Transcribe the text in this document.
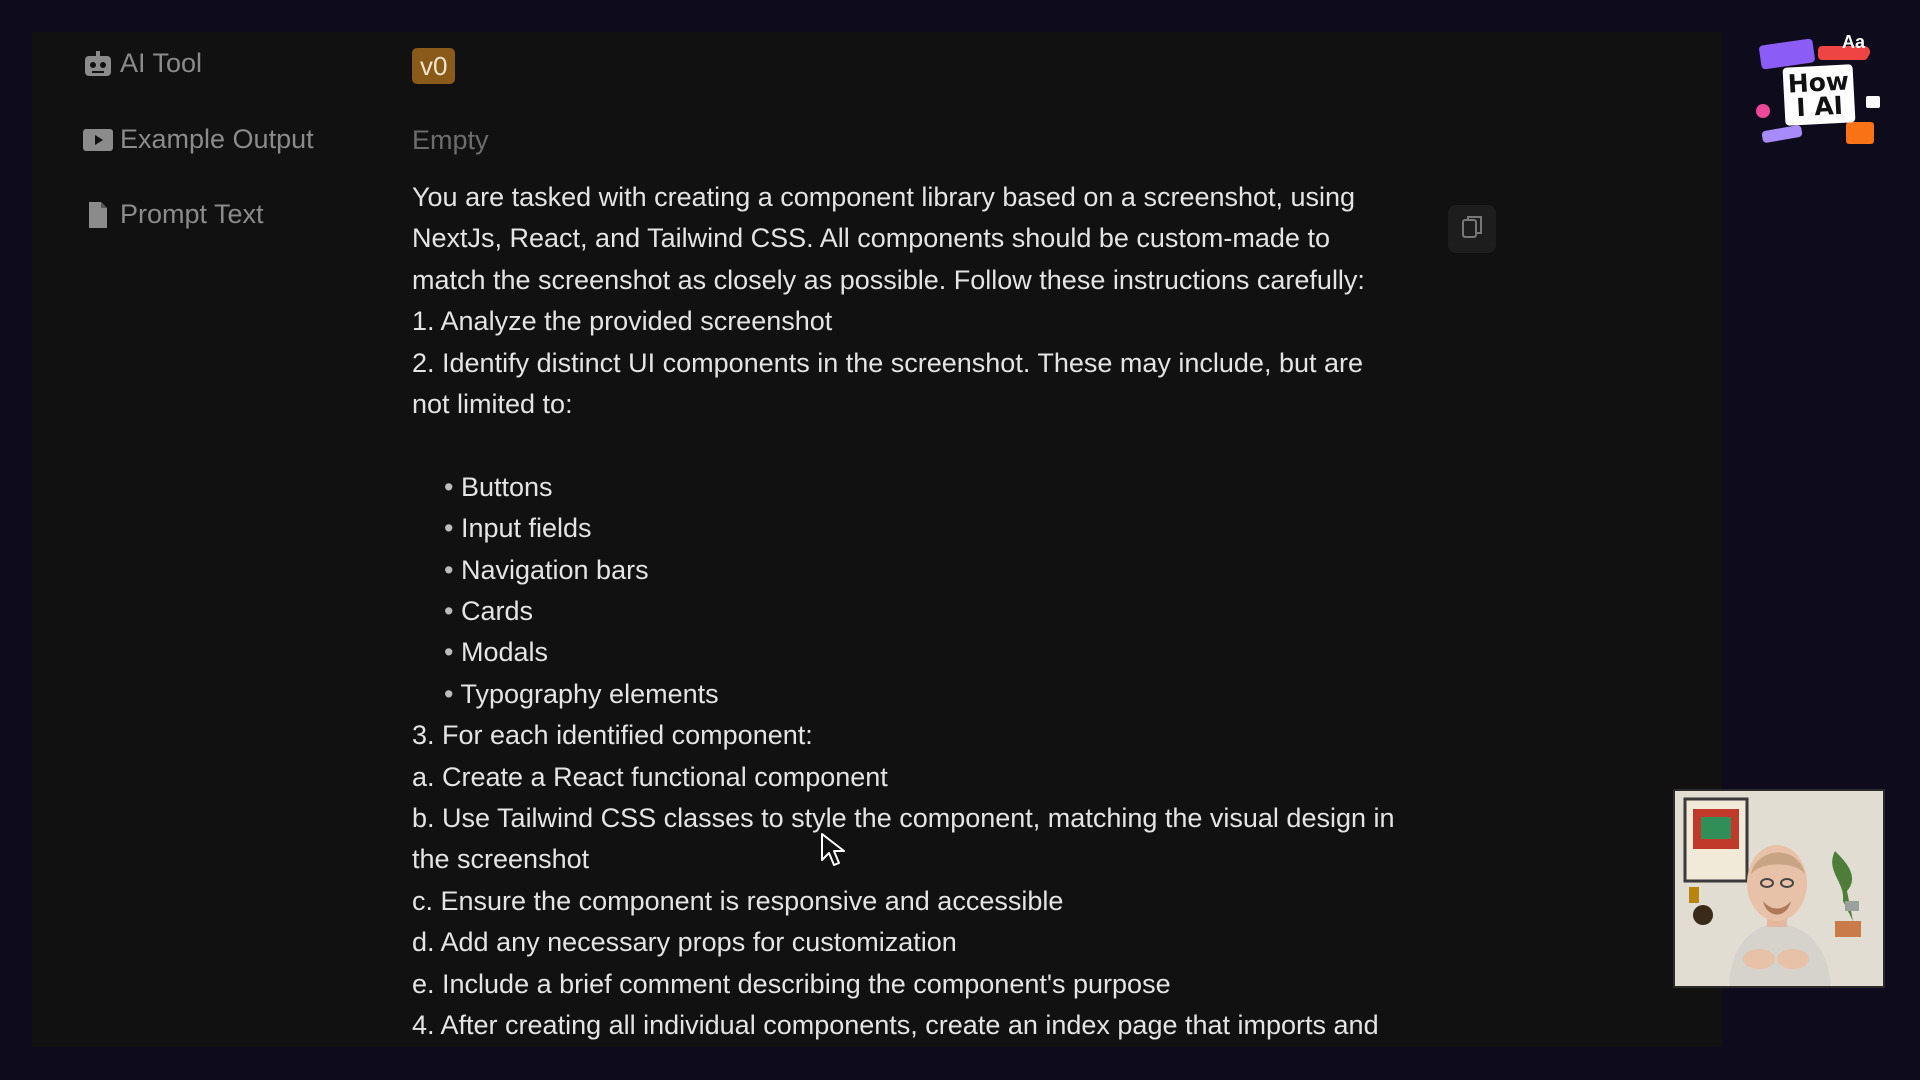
AI Tool	v0
Example Output	Empty
Prompt Text
You are tasked with creating a component library based on a screenshot, using
NextJs, React, and Tailwind CSS. All components should be custom-made to
match the screenshot as closely as possible. Follow these instructions carefully:
1. Analyze the provided screenshot
2. Identify distinct UI components in the screenshot. These may include, but are
not limited to:
• Buttons
• Input fields
• Navigation bars
• Cards
• Modals
• Typography elements
3. For each identified component:
a. Create a React functional component
b. Use Tailwind CSS classes to style the component, matching the visual design in
the screenshot
c. Ensure the component is responsive and accessible
d. Add any necessary props for customization
e. Include a brief comment describing the component's purpose
4. After creating all individual components, create an index page that imports and
Aa
How
I AI
